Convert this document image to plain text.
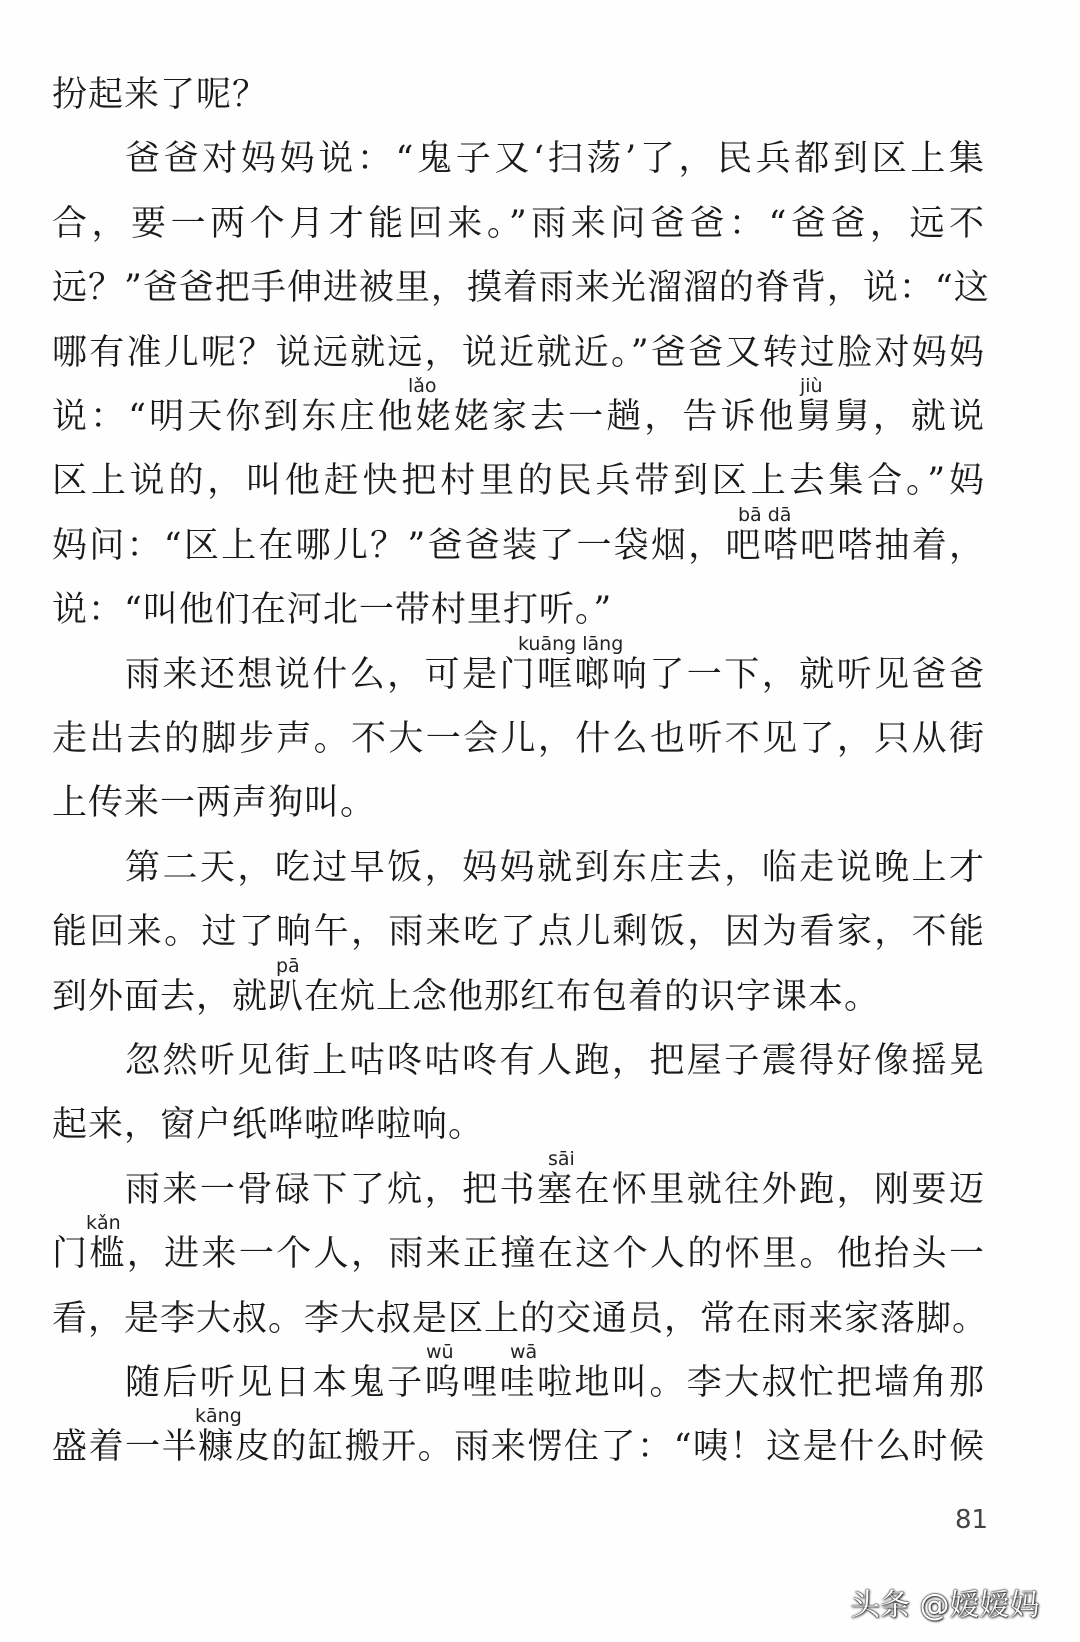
扮起来了呢？
爸爸对妈妈说：“鬼子又‘扫荡’了，民兵都到区上集
合，要一两个月才能回来。”雨来问爸爸：“爸爸，远不
远？”爸爸把手伸进被里，摸着雨来光溜溜的脊背，说：“这
哪有准儿呢？说远就远，说近就近。”爸爸又转过脸对妈妈
说：“明天你到东庄他姥姥家去一趟，告诉他舅舅，就说
区上说的，叫他赶快把村里的民兵带到区上去集合。”妈
妈问：“区上在哪儿？”爸爸装了一袋烟，吧嗒吧嗒抽着，
说：“叫他们在河北一带村里打听。”
雨来还想说什么，可是门哐啷响了一下，就听见爸爸
走出去的脚步声。不大一会儿，什么也听不见了，只从街
上传来一两声狗叫。
第二天，吃过早饭，妈妈就到东庄去，临走说晚上才
能回来。过了晌午，雨来吃了点儿剩饭，因为看家，不能
到外面去，就趴在炕上念他那红布包着的识字课本。
忽然听见街上咕咚咕咚有人跑，把屋子震得好像摇晃
起来，窗户纸哗啦哗啦响。
雨来一骨碌下了炕，把书塞在怀里就往外跑，刚要迈
门槛，进来一个人，雨来正撞在这个人的怀里。他抬头一
看，是李大叔。李大叔是区上的交通员，常在雨来家落脚。
随后听见日本鬼子呜哩哇啦地叫。李大叔忙把墙角那
盛着一半糠皮的缸搬开。雨来愣住了：“咦！这是什么时候
lǎo	jiù
bā dā
kuāng lāng
pā
sāi
kǎn
wū	wā
kāng
81
头条 @嫒嫒妈
